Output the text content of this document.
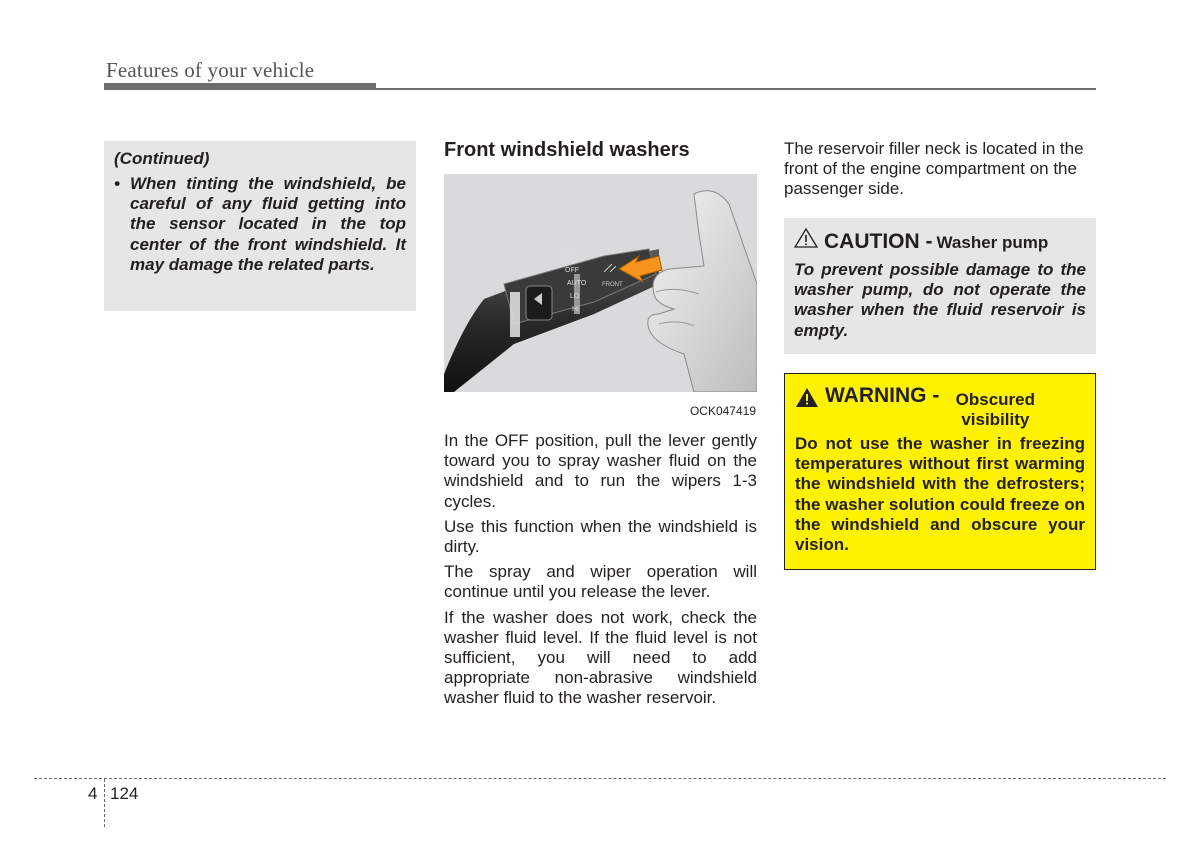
Features of your vehicle
(Continued)
• When tinting the windshield, be careful of any fluid getting into the sensor located in the top center of the front windshield. It may damage the related parts.
Front windshield washers
MIST
OFF
AUTO
LO
HI
FRONT
OCK047419

In the OFF position, pull the lever gently toward you to spray washer fluid on the windshield and to run the wipers 1-3 cycles.

Use this function when the windshield is dirty.

The spray and wiper operation will continue until you release the lever.

If the washer does not work, check the washer fluid level. If the fluid level is not sufficient, you will need to add appropriate non-abrasive windshield washer fluid to the washer reservoir.

The reservoir filler neck is located in the front of the engine compartment on the passenger side.
CAUTION - Washer pump
To prevent possible damage to the washer pump, do not operate the washer when the fluid reservoir is empty.
WARNING - Obscured visibility
Do not use the washer in freezing temperatures without first warming the windshield with the defrosters; the washer solution could freeze on the windshield and obscure your vision.
4 124
